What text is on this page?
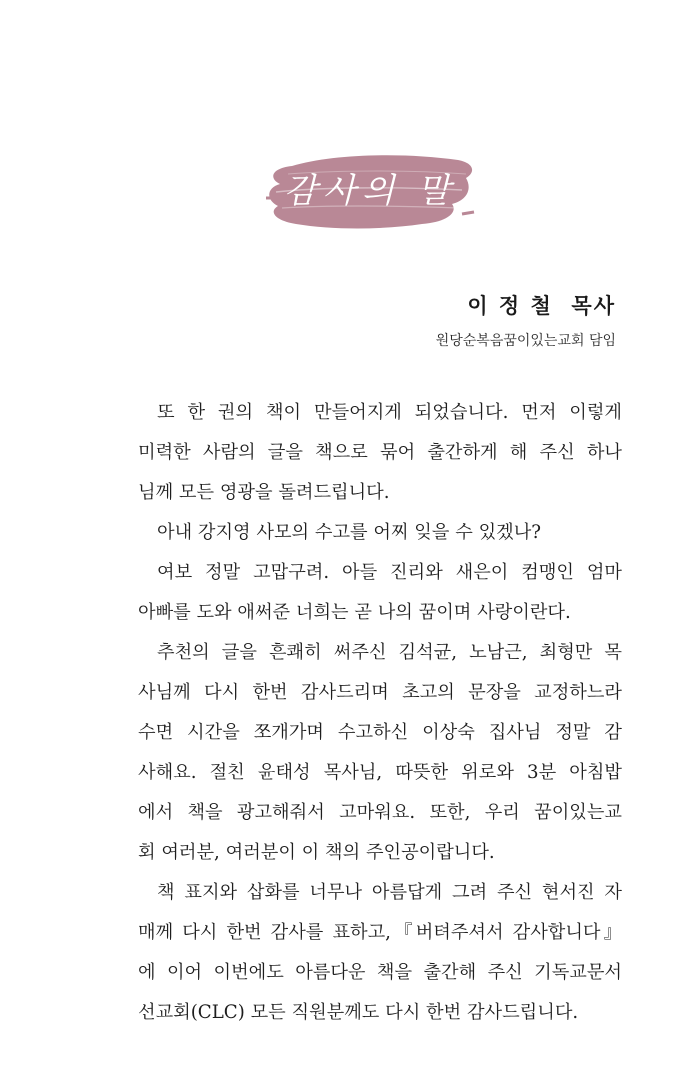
감사의 말
이 정 철  목사
원당순복음꿈이있는교회 담임
또 한 권의 책이 만들어지게 되었습니다. 먼저 이렇게
미력한 사람의 글을 책으로 묶어 출간하게 해 주신 하나
님께 모든 영광을 돌려드립니다.
아내 강지영 사모의 수고를 어찌 잊을 수 있겠나?
여보 정말 고맙구려. 아들 진리와 새은이 컴맹인 엄마
아빠를 도와 애써준 너희는 곧 나의 꿈이며 사랑이란다.
추천의 글을 흔쾌히 써주신 김석균, 노남근, 최형만 목
사님께 다시 한번 감사드리며 초고의 문장을 교정하느라
수면 시간을 쪼개가며 수고하신 이상숙 집사님 정말 감
사해요. 절친 윤태성 목사님, 따뜻한 위로와 3분 아침밥
에서 책을 광고해줘서 고마워요. 또한, 우리 꿈이있는교
회 여러분, 여러분이 이 책의 주인공이랍니다.
책 표지와 삽화를 너무나 아름답게 그려 주신 현서진 자
매께 다시 한번 감사를 표하고,『버텨주셔서 감사합니다』
에 이어 이번에도 아름다운 책을 출간해 주신 기독교문서
선교회(CLC) 모든 직원분께도 다시 한번 감사드립니다.
